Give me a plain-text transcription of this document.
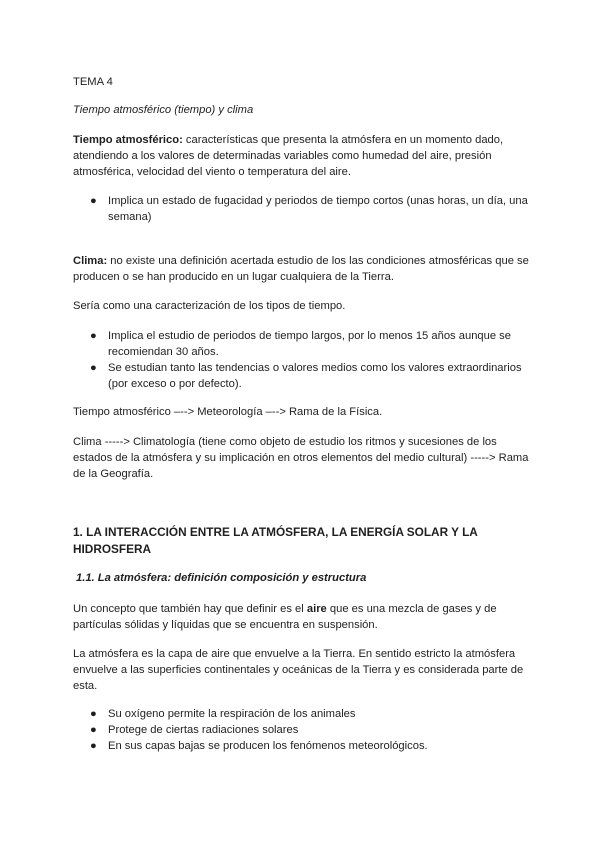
TEMA 4

Tiempo atmosférico (tiempo) y clima

Tiempo atmosférico: características que presenta la atmósfera en un momento dado, atendiendo a los valores de determinadas variables como humedad del aire, presión atmosférica, velocidad del viento o temperatura del aire.

● Implica un estado de fugacidad y periodos de tiempo cortos (unas horas, un día, una semana)

Clima: no existe una definición acertada estudio de los las condiciones atmosféricas que se producen o se han producido en un lugar cualquiera de la Tierra.

Sería como una caracterización de los tipos de tiempo.

● Implica el estudio de periodos de tiempo largos, por lo menos 15 años aunque se recomiendan 30 años.
● Se estudian tanto las tendencias o valores medios como los valores extraordinarios (por exceso o por defecto).

Tiempo atmosférico –--> Meteorología –--> Rama de la Física.

Clima -----> Climatología (tiene como objeto de estudio los ritmos y sucesiones de los estados de la atmósfera y su implicación en otros elementos del medio cultural) -----> Rama de la Geografía.

1. LA INTERACCIÓN ENTRE LA ATMÓSFERA, LA ENERGÍA SOLAR Y LA HIDROSFERA

1.1. La atmósfera: definición composición y estructura

Un concepto que también hay que definir es el aire que es una mezcla de gases y de partículas sólidas y líquidas que se encuentra en suspensión.

La atmósfera es la capa de aire que envuelve a la Tierra. En sentido estricto la atmósfera envuelve a las superficies continentales y oceánicas de la Tierra y es considerada parte de esta.

● Su oxígeno permite la respiración de los animales
● Protege de ciertas radiaciones solares
● En sus capas bajas se producen los fenómenos meteorológicos.
